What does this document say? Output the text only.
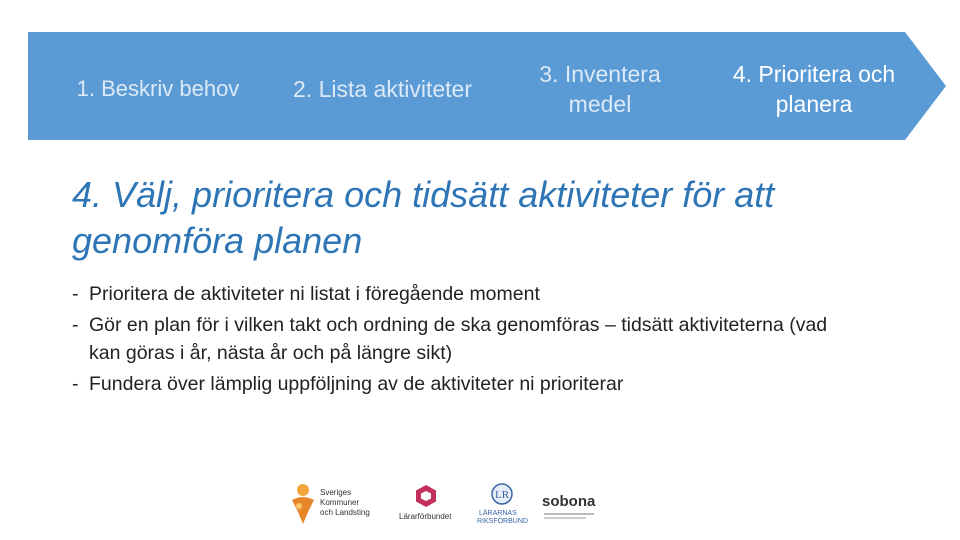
1. Beskriv behov	2. Lista aktiviteter
3. Inventera medel
4. Prioritera och planera
4. Välj, prioritera och tidsätt aktiviteter för att genomföra planen
- Prioritera de aktiviteter ni listat i föregående moment
- Gör en plan för i vilken takt och ordning de ska genomföras – tidsätt aktiviteterna (vad kan göras i år, nästa år och på längre sikt)
- Fundera över lämplig uppföljning av de aktiviteter ni prioriterar
Sveriges
Kommuner
och Landsting	Lärarförbundet
LR
LÄRARNAS
RIKSFÖRBUND
sobona
